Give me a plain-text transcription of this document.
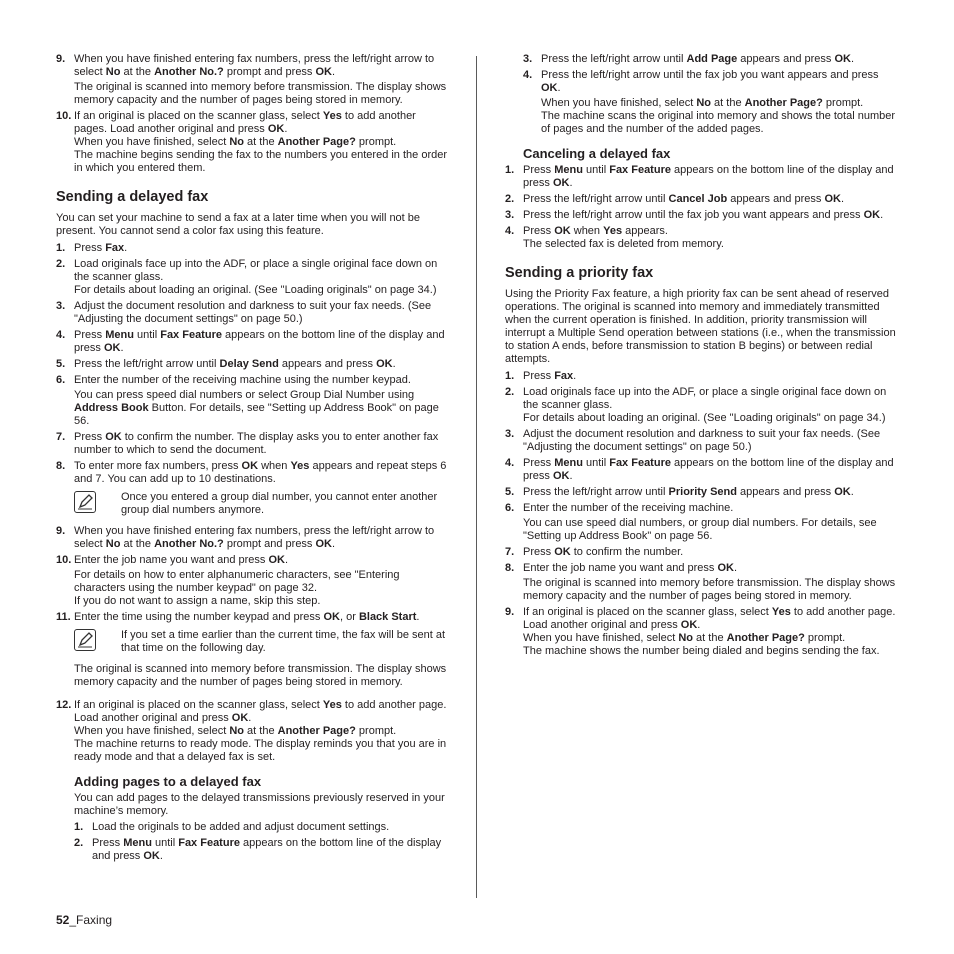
9. When you have finished entering fax numbers, press the left/right arrow to select No at the Another No.? prompt and press OK.

The original is scanned into memory before transmission. The display shows memory capacity and the number of pages being stored in memory.

10. If an original is placed on the scanner glass, select Yes to add another pages. Load another original and press OK.
When you have finished, select No at the Another Page? prompt.
The machine begins sending the fax to the numbers you entered in the order in which you entered them.

Sending a delayed fax

You can set your machine to send a fax at a later time when you will not be present. You cannot send a color fax using this feature.

1. Press Fax.

2. Load originals face up into the ADF, or place a single original face down on the scanner glass.
For details about loading an original. (See "Loading originals" on page 34.)

3. Adjust the document resolution and darkness to suit your fax needs. (See "Adjusting the document settings" on page 50.)

4. Press Menu until Fax Feature appears on the bottom line of the display and press OK.

5. Press the left/right arrow until Delay Send appears and press OK.

6. Enter the number of the receiving machine using the number keypad.

You can press speed dial numbers or select Group Dial Number using Address Book Button. For details, see "Setting up Address Book" on page 56.

7. Press OK to confirm the number. The display asks you to enter another fax number to which to send the document.

8. To enter more fax numbers, press OK when Yes appears and repeat steps 6 and 7. You can add up to 10 destinations.

Once you entered a group dial number, you cannot enter another group dial numbers anymore.

9. When you have finished entering fax numbers, press the left/right arrow to select No at the Another No.? prompt and press OK.

10. Enter the job name you want and press OK.

For details on how to enter alphanumeric characters, see "Entering characters using the number keypad" on page 32.
If you do not want to assign a name, skip this step.

11. Enter the time using the number keypad and press OK, or Black Start.

If you set a time earlier than the current time, the fax will be sent at that time on the following day.

The original is scanned into memory before transmission. The display shows memory capacity and the number of pages being stored in memory.

12. If an original is placed on the scanner glass, select Yes to add another page. Load another original and press OK.
When you have finished, select No at the Another Page? prompt.
The machine returns to ready mode. The display reminds you that you are in ready mode and that a delayed fax is set.

Adding pages to a delayed fax

You can add pages to the delayed transmissions previously reserved in your machine’s memory.

1. Load the originals to be added and adjust document settings.

2. Press Menu until Fax Feature appears on the bottom line of the display and press OK.

3. Press the left/right arrow until Add Page appears and press OK.

4. Press the left/right arrow until the fax job you want appears and press OK.

When you have finished, select No at the Another Page? prompt.
The machine scans the original into memory and shows the total number of pages and the number of the added pages.

Canceling a delayed fax
1. Press Menu until Fax Feature appears on the bottom line of the display and press OK.

2. Press the left/right arrow until Cancel Job appears and press OK.

3. Press the left/right arrow until the fax job you want appears and press OK.

4. Press OK when Yes appears.
The selected fax is deleted from memory.

Sending a priority fax

Using the Priority Fax feature, a high priority fax can be sent ahead of reserved operations. The original is scanned into memory and immediately transmitted when the current operation is finished. In addition, priority transmission will interrupt a Multiple Send operation between stations (i.e., when the transmission to station A ends, before transmission to station B begins) or between redial attempts.

1. Press Fax.

2. Load originals face up into the ADF, or place a single original face down on the scanner glass.
For details about loading an original. (See "Loading originals" on page 34.)

3. Adjust the document resolution and darkness to suit your fax needs. (See "Adjusting the document settings" on page 50.)

4. Press Menu until Fax Feature appears on the bottom line of the display and press OK.

5. Press the left/right arrow until Priority Send appears and press OK.

6. Enter the number of the receiving machine.

You can use speed dial numbers, or group dial numbers. For details, see "Setting up Address Book" on page 56.

7. Press OK to confirm the number.

8. Enter the job name you want and press OK.

The original is scanned into memory before transmission. The display shows memory capacity and the number of pages being stored in memory.

9. If an original is placed on the scanner glass, select Yes to add another page. Load another original and press OK.
When you have finished, select No at the Another Page? prompt.
The machine shows the number being dialed and begins sending the fax.

52_Faxing
